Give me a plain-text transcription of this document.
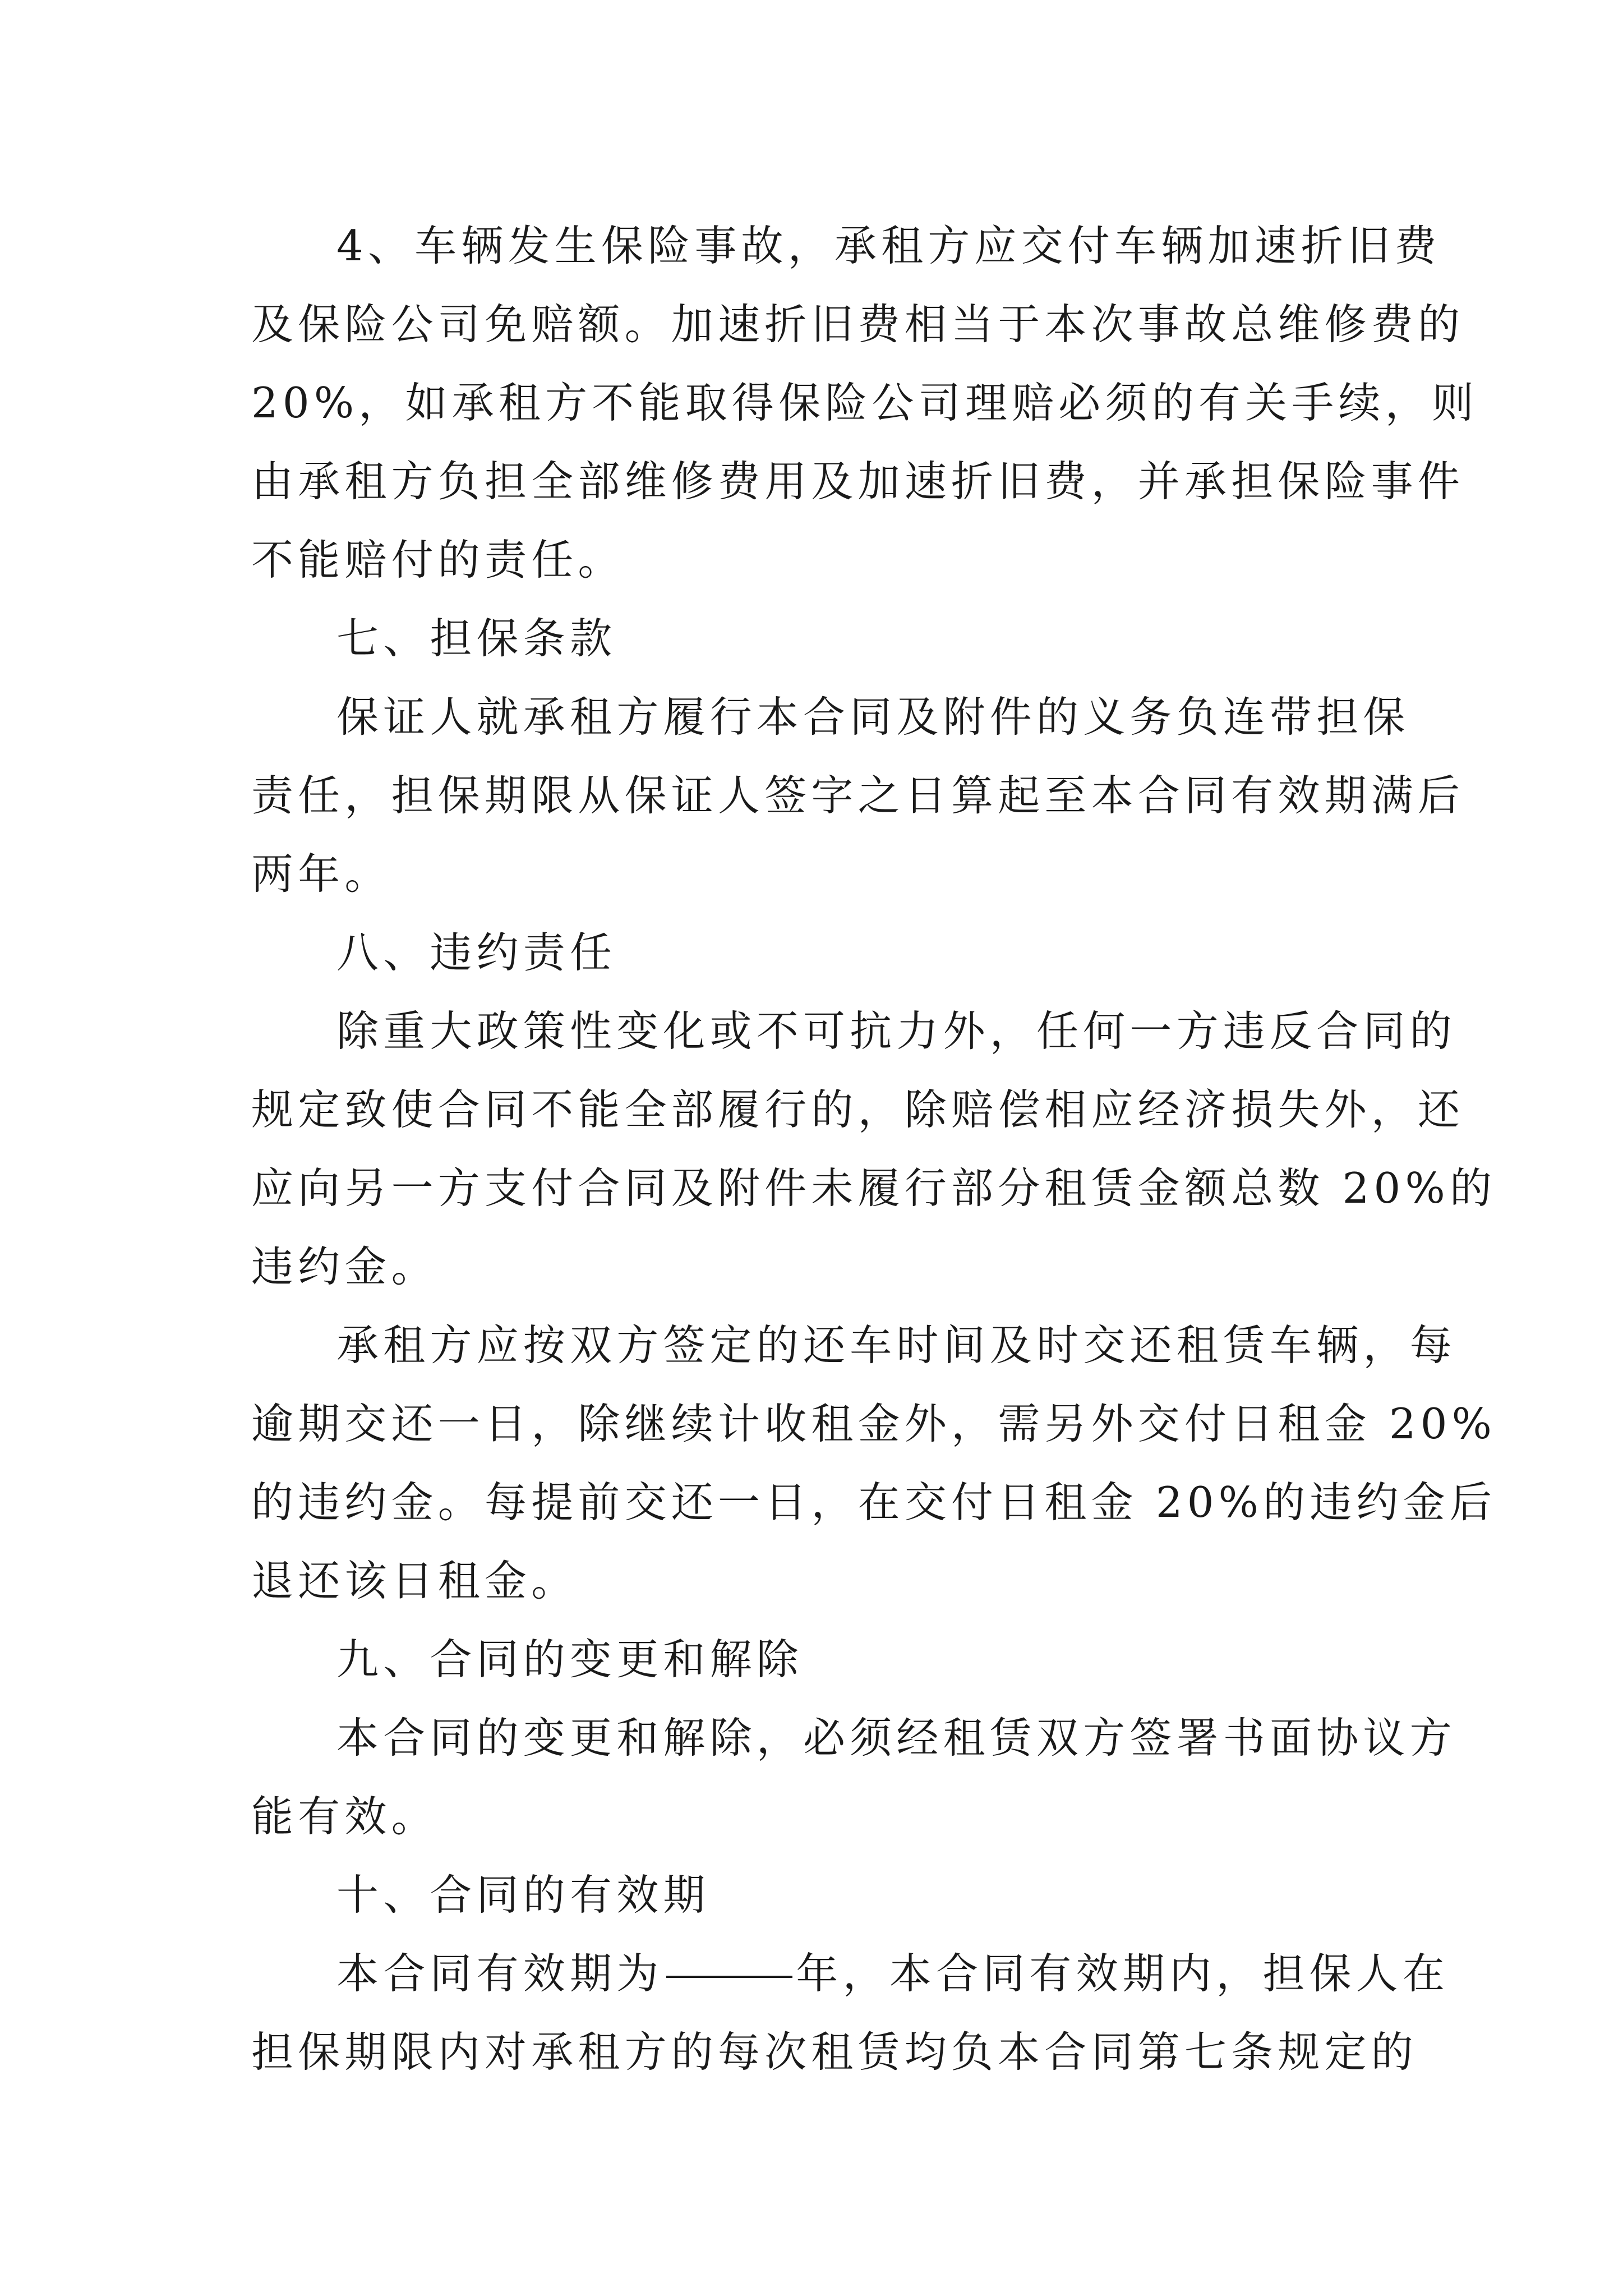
4、车辆发生保险事故，承租方应交付车辆加速折旧费
及保险公司免赔额。加速折旧费相当于本次事故总维修费的
20%，如承租方不能取得保险公司理赔必须的有关手续，则
由承租方负担全部维修费用及加速折旧费，并承担保险事件
不能赔付的责任。
七、担保条款
保证人就承租方履行本合同及附件的义务负连带担保
责任，担保期限从保证人签字之日算起至本合同有效期满后
两年。
八、违约责任
除重大政策性变化或不可抗力外，任何一方违反合同的
规定致使合同不能全部履行的，除赔偿相应经济损失外，还
应向另一方支付合同及附件未履行部分租赁金额总数 20%的
违约金。
承租方应按双方签定的还车时间及时交还租赁车辆，每
逾期交还一日，除继续计收租金外，需另外交付日租金 20%
的违约金。每提前交还一日，在交付日租金 20%的违约金后
退还该日租金。
九、合同的变更和解除
本合同的变更和解除，必须经租赁双方签署书面协议方
能有效。
十、合同的有效期
本合同有效期为	年，本合同有效期内，担保人在
担保期限内对承租方的每次租赁均负本合同第七条规定的
